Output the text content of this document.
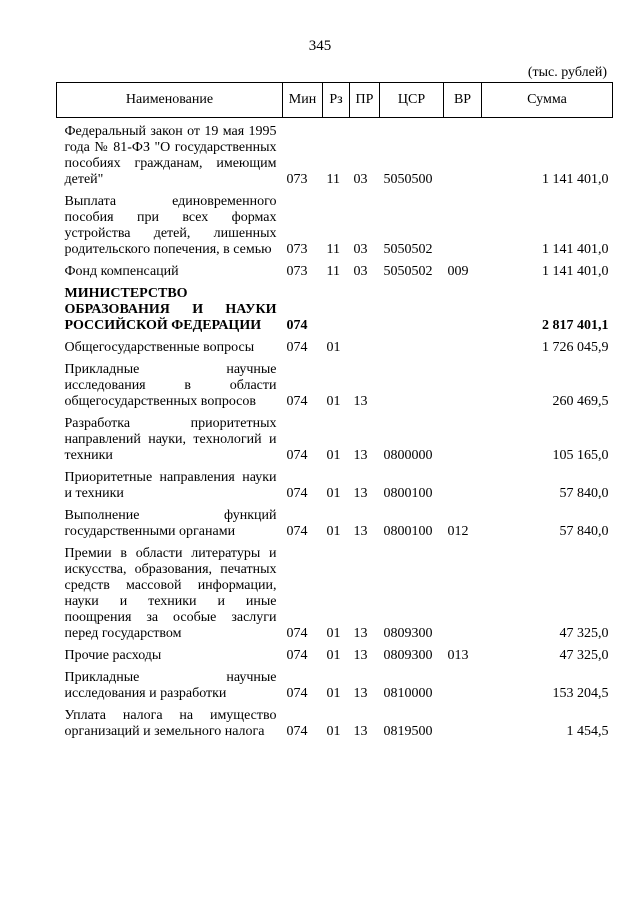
345
(тыс. рублей)
Наименование	Мин	Рз	ПР	ЦСР	ВР	Сумма
Федеральный закон от 19 мая 1995 года № 81-ФЗ "О государственных пособиях гражданам, имеющим детей"	073	11	03	5050500		1 141 401,0
Выплата единовременного пособия при всех формах устройства детей, лишенных родительского попечения, в семью	073	11	03	5050502		1 141 401,0
Фонд компенсаций	073	11	03	5050502	009	1 141 401,0
МИНИСТЕРСТВО ОБРАЗОВАНИЯ И НАУКИ РОССИЙСКОЙ ФЕДЕРАЦИИ	074					2 817 401,1
Общегосударственные вопросы	074	01				1 726 045,9
Прикладные научные исследования в области общегосударственных вопросов	074	01	13			260 469,5
Разработка приоритетных направлений науки, технологий и техники	074	01	13	0800000		105 165,0
Приоритетные направления науки и техники	074	01	13	0800100		57 840,0
Выполнение функций государственными органами	074	01	13	0800100	012	57 840,0
Премии в области литературы и искусства, образования, печатных средств массовой информации, науки и техники и иные поощрения за особые заслуги перед государством	074	01	13	0809300		47 325,0
Прочие расходы	074	01	13	0809300	013	47 325,0
Прикладные научные исследования и разработки	074	01	13	0810000		153 204,5
Уплата налога на имущество организаций и земельного налога	074	01	13	0819500		1 454,5
